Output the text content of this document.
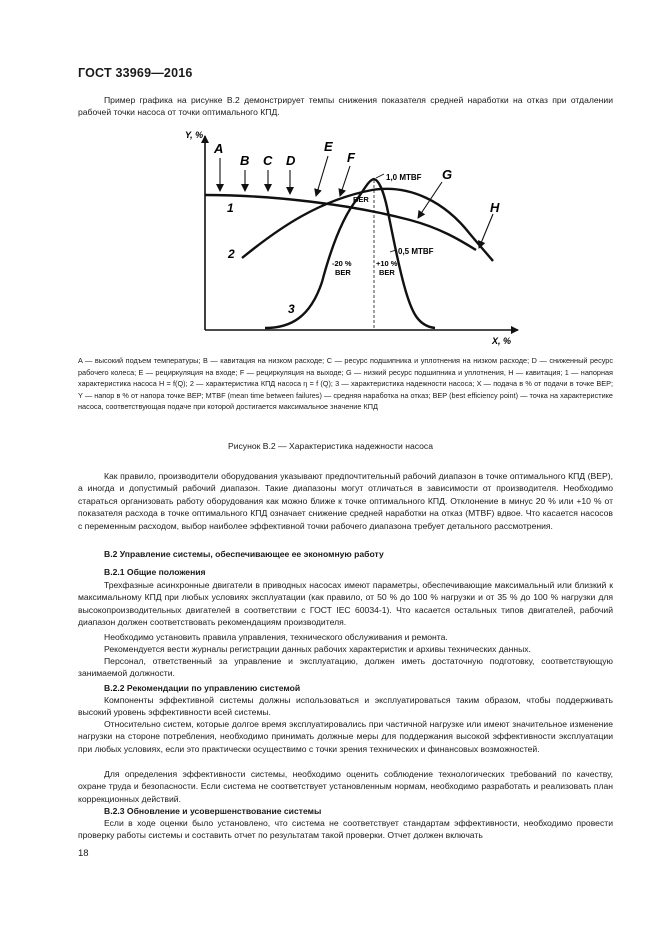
ГОСТ 33969—2016
Пример графика на рисунке В.2 демонстрирует темпы снижения показателя средней наработки на отказ при отдалении рабочей точки насоса от точки оптимального КПД.
Y, %
X, %
A
B C D
E
F
G
H
1
2
3
1,0 MTBF
BER
0,5 MTBF
-20 %
BER
+10 %
BER
A — высокий подъем температуры; B — кавитация на низком расходе; C — ресурс подшипника и уплотнения на низком расходе; D — сниженный ресурс рабочего колеса; E — рециркуляция на входе; F — рециркуляция на выходе; G — низкий ресурс подшипника и уплотнения, H — кавитация; 1 — напорная характеристика насоса H = f(Q); 2 — характеристика КПД насоса η = f (Q); 3 — характеристика надежности насоса; X — подача в % от подачи в точке BEP; Y — напор в % от напора точке BEP; MTBF (mean time between failures) — средняя наработка на отказ; BEP (best efficiency point) — точка на характеристике насоса, соответствующая подаче при которой достигается максимальное значение КПД
Рисунок В.2 — Характеристика надежности насоса
Как правило, производители оборудования указывают предпочтительный рабочий диапазон в точке оптимального КПД (BEP), а иногда и допустимый рабочий диапазон. Такие диапазоны могут отличаться в зависимости от производителя. Необходимо стараться организовать работу оборудования как можно ближе к точке оптимального КПД. Отклонение в минус 20 % или +10 % от показателя расхода в точке оптимального КПД означает снижение средней наработки на отказ (MTBF) вдвое. Что касается насосов с переменным расходом, выбор наиболее эффективной точки рабочего диапазона требует детального рассмотрения.
В.2 Управление системы, обеспечивающее ее экономную работу
В.2.1 Общие положения
Трехфазные асинхронные двигатели в приводных насосах имеют параметры, обеспечивающие максимальный или близкий к максимальному КПД при любых условиях эксплуатации (как правило, от 50 % до 100 % нагрузки и от 35 % до 100 % нагрузки для высокопроизводительных двигателей в соответствии с ГОСТ IEC 60034-1). Что касается остальных типов двигателей, рабочий диапазон должен соответствовать рекомендациям производителя.
Необходимо установить правила управления, технического обслуживания и ремонта.
Рекомендуется вести журналы регистрации данных рабочих характеристик и архивы технических данных.
Персонал, ответственный за управление и эксплуатацию, должен иметь достаточную подготовку, соответствующую занимаемой должности.
В.2.2 Рекомендации по управлению системой
Компоненты эффективной системы должны использоваться и эксплуатироваться таким образом, чтобы поддерживать высокий уровень эффективности всей системы.
Относительно систем, которые долгое время эксплуатировались при частичной нагрузке или имеют значительное изменение нагрузки на стороне потребления, необходимо принимать должные меры для поддержания высокой эффективности эксплуатации при любых условиях, если это практически осуществимо с точки зрения технических и финансовых возможностей.
Для определения эффективности системы, необходимо оценить соблюдение технологических требований по качеству, охране труда и безопасности. Если система не соответствует установленным нормам, необходимо разработать и реализовать план коррекционных действий.
В.2.3 Обновление и усовершенствование системы
Если в ходе оценки было установлено, что система не соответствует стандартам эффективности, необходимо провести проверку работы системы и составить отчет по результатам такой проверки. Отчет должен включать
18
